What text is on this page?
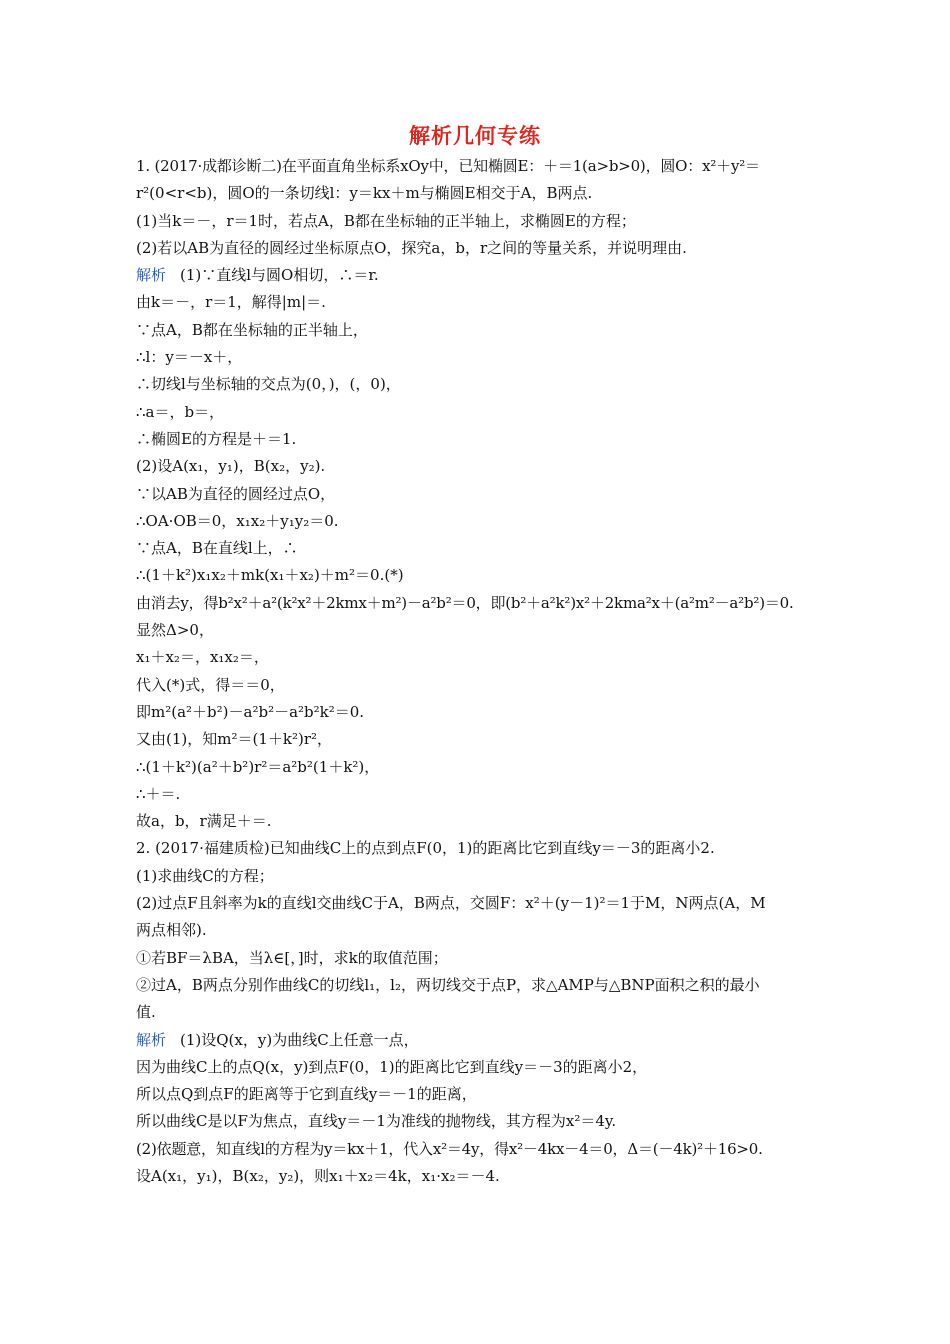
解析几何专练
1. (2017·成都诊断二)在平面直角坐标系xOy中，已知椭圆E：＋＝1(a>b>0)，圆O：x²＋y²＝
r²(0<r<b)，圆O的一条切线l：y＝kx＋m与椭圆E相交于A，B两点.
(1)当k＝－，r＝1时，若点A，B都在坐标轴的正半轴上，求椭圆E的方程；
(2)若以AB为直径的圆经过坐标原点O，探究a，b，r之间的等量关系，并说明理由.
解析 (1)∵直线l与圆O相切，∴＝r.
由k＝－，r＝1，解得|m|＝.
∵点A，B都在坐标轴的正半轴上，
∴l：y＝－x＋，
∴切线l与坐标轴的交点为(0，)，(，0)，
∴a＝，b＝，
∴椭圆E的方程是＋＝1.
(2)设A(x₁，y₁)，B(x₂，y₂).
∵以AB为直径的圆经过点O，
∴OA·OB＝0，x₁x₂＋y₁y₂＝0.
∵点A，B在直线l上，∴
∴(1＋k²)x₁x₂＋mk(x₁＋x₂)＋m²＝0.(*)
由消去y，得b²x²＋a²(k²x²＋2kmx＋m²)－a²b²＝0，即(b²＋a²k²)x²＋2kma²x＋(a²m²－a²b²)＝0.
显然Δ>0，
x₁＋x₂＝，x₁x₂＝，
代入(*)式，得＝＝0，
即m²(a²＋b²)－a²b²－a²b²k²＝0.
又由(1)，知m²＝(1＋k²)r²，
∴(1＋k²)(a²＋b²)r²＝a²b²(1＋k²)，
∴＋＝.
故a，b，r满足＋＝.
2. (2017·福建质检)已知曲线C上的点到点F(0，1)的距离比它到直线y＝－3的距离小2.
(1)求曲线C的方程；
(2)过点F且斜率为k的直线l交曲线C于A，B两点，交圆F：x²＋(y－1)²＝1于M，N两点(A，M
两点相邻).
①若BF＝λBA，当λ∈[，]时，求k的取值范围；
②过A，B两点分别作曲线C的切线l₁，l₂，两切线交于点P，求△AMP与△BNP面积之积的最小
值.
解析 (1)设Q(x，y)为曲线C上任意一点，
因为曲线C上的点Q(x，y)到点F(0，1)的距离比它到直线y＝－3的距离小2，
所以点Q到点F的距离等于它到直线y＝－1的距离，
所以曲线C是以F为焦点，直线y＝－1为准线的抛物线，其方程为x²＝4y.
(2)依题意，知直线l的方程为y＝kx＋1，代入x²＝4y，得x²－4kx－4＝0，Δ＝(－4k)²＋16>0.
设A(x₁，y₁)，B(x₂，y₂)，则x₁＋x₂＝4k，x₁·x₂＝－4.
